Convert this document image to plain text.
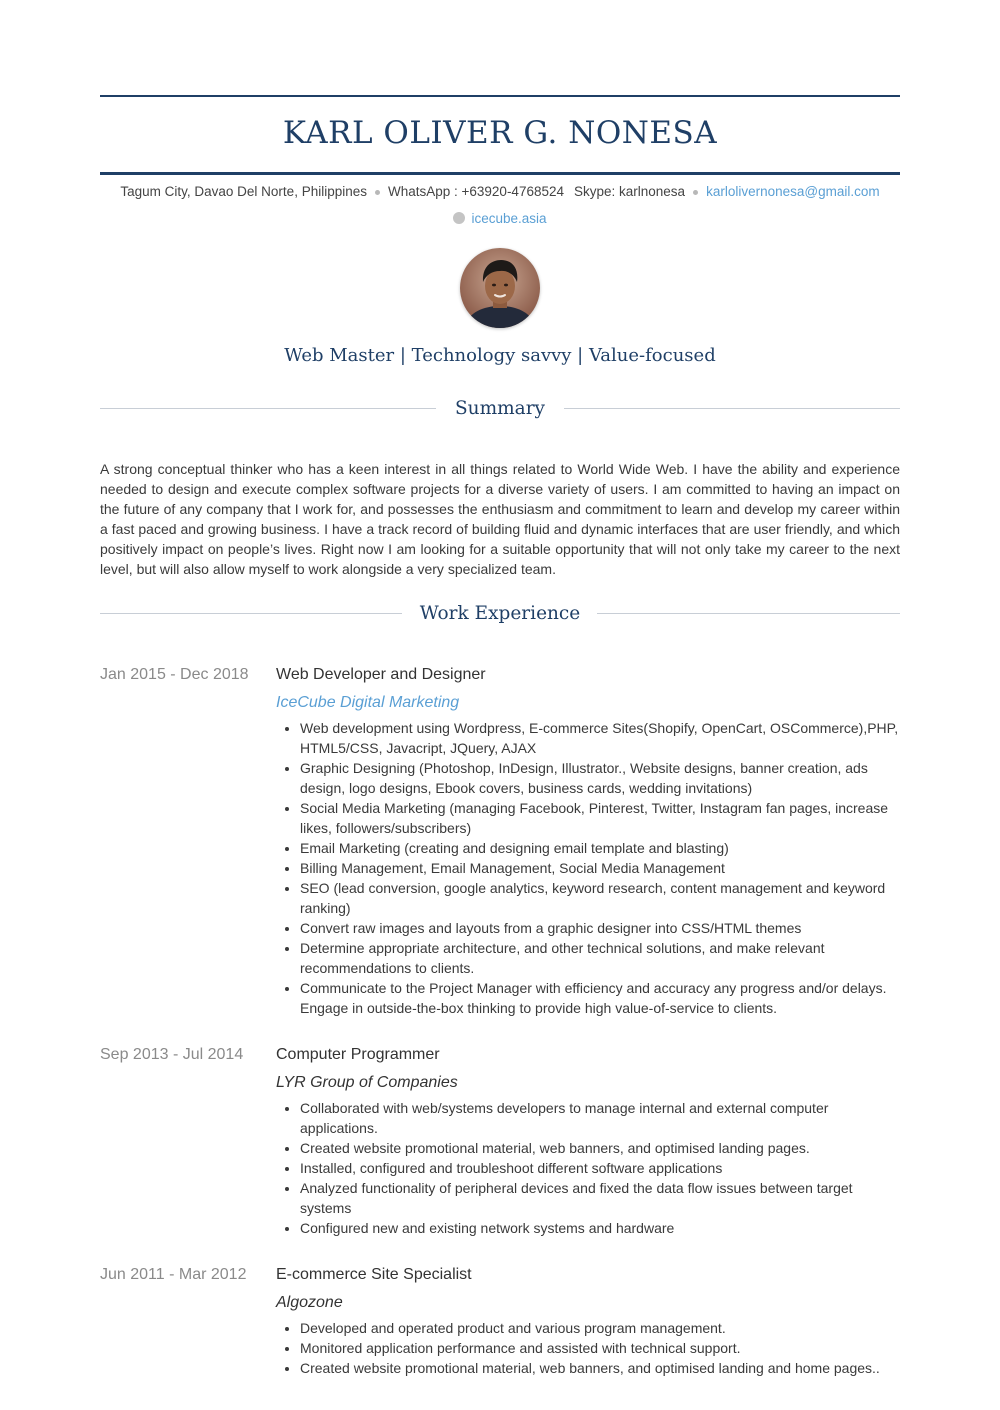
KARL OLIVER G. NONESA
Tagum City, Davao Del Norte, Philippines WhatsApp : +63920-4768524 Skype: karlnonesa karlolivernonesa@gmail.com
icecube.asia
Web Master | Technology savvy | Value-focused
Summary
A strong conceptual thinker who has a keen interest in all things related to World Wide Web. I have the ability and experience needed to design and execute complex software projects for a diverse variety of users. I am committed to having an impact on the future of any company that I work for, and possesses the enthusiasm and commitment to learn and develop my career within a fast paced and growing business. I have a track record of building fluid and dynamic interfaces that are user friendly, and which positively impact on people’s lives. Right now I am looking for a suitable opportunity that will not only take my career to the next level, but will also allow myself to work alongside a very specialized team.
Work Experience
Jan 2015 - Dec 2018	Web Developer and Designer
IceCube Digital Marketing
• Web development using Wordpress, E-commerce Sites(Shopify, OpenCart, OSCommerce),PHP, HTML5/CSS, Javacript, JQuery, AJAX
• Graphic Designing (Photoshop, InDesign, Illustrator., Website designs, banner creation, ads design, logo designs, Ebook covers, business cards, wedding invitations)
• Social Media Marketing (managing Facebook, Pinterest, Twitter, Instagram fan pages, increase likes, followers/subscribers)
• Email Marketing (creating and designing email template and blasting)
• Billing Management, Email Management, Social Media Management
• SEO (lead conversion, google analytics, keyword research, content management and keyword ranking)
• Convert raw images and layouts from a graphic designer into CSS/HTML themes
• Determine appropriate architecture, and other technical solutions, and make relevant recommendations to clients.
• Communicate to the Project Manager with efficiency and accuracy any progress and/or delays. Engage in outside-the-box thinking to provide high value-of-service to clients.
Sep 2013 - Jul 2014	Computer Programmer
LYR Group of Companies
• Collaborated with web/systems developers to manage internal and external computer applications.
• Created website promotional material, web banners, and optimised landing pages.
• Installed, configured and troubleshoot different software applications
• Analyzed functionality of peripheral devices and fixed the data flow issues between target systems
• Configured new and existing network systems and hardware
Jun 2011 - Mar 2012	E-commerce Site Specialist
Algozone
• Developed and operated product and various program management.
• Monitored application performance and assisted with technical support.
• Created website promotional material, web banners, and optimised landing and home pages..
